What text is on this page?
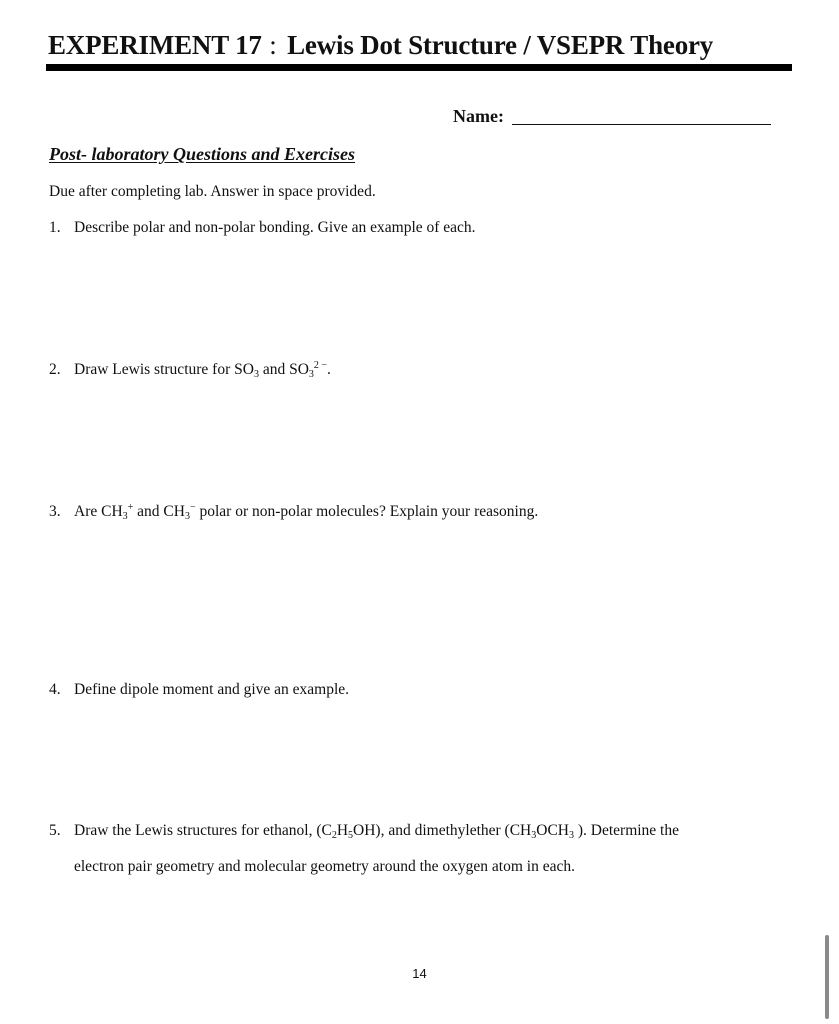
EXPERIMENT 17 : Lewis Dot Structure / VSEPR Theory
Name:
Post- laboratory Questions and Exercises
Due after completing lab. Answer in space provided.
1. Describe polar and non-polar bonding. Give an example of each.
2. Draw Lewis structure for $SO_3$ and $SO_3^{2 -}$.
3. Are $CH_3^+$ and $CH_3^-$ polar or non-polar molecules? Explain your reasoning.
4. Define dipole moment and give an example.
5. Draw the Lewis structures for ethanol, $(C_2H_5OH)$, and dimethylether ($CH_3OCH_3$ ). Determine the
electron pair geometry and molecular geometry around the oxygen atom in each.
14
